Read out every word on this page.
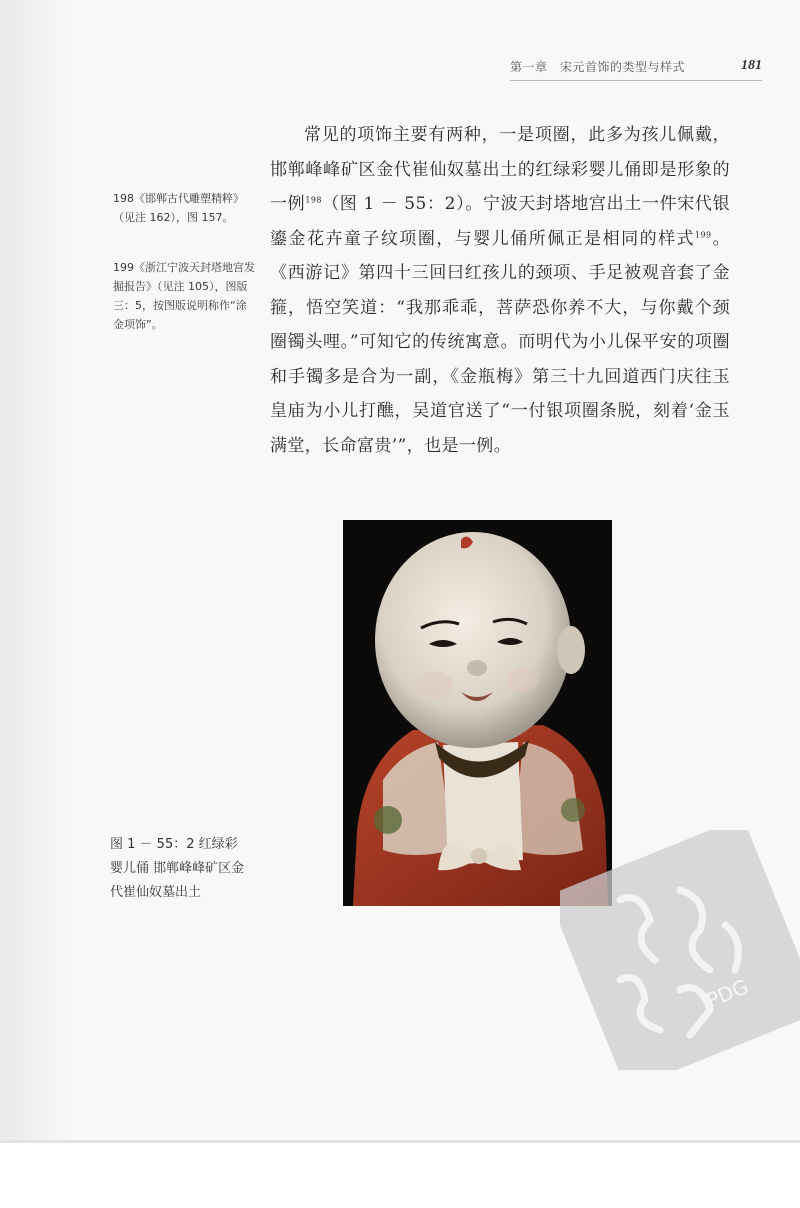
第一章　宋元首饰的类型与样式	181

198《邯郸古代雕塑精粹》（见注 162），图 157。

199《浙江宁波天封塔地宫发掘报告》（见注 105），图版三：5，按图版说明称作“涂金项饰”。

常见的项饰主要有两种，一是项圈，此多为孩儿佩戴，邯郸峰峰矿区金代崔仙奴墓出土的红绿彩婴儿俑即是形象的一例$^{198}$（图 1 － 55：2）。宁波天封塔地宫出土一件宋代银鎏金花卉童子纹项圈，与婴儿俑所佩正是相同的样式$^{199}$。《西游记》第四十三回曰红孩儿的颈项、手足被观音套了金箍，悟空笑道：“我那乖乖，菩萨恐你养不大，与你戴个颈圈镯头哩。”可知它的传统寓意。而明代为小儿保平安的项圈和手镯多是合为一副，《金瓶梅》第三十九回道西门庆往玉皇庙为小儿打醮，吴道官送了“一付银项圈条脱，刻着‘金玉满堂，长命富贵’”，也是一例。

图 1 － 55：2 红绿彩婴儿俑 邯郸峰峰矿区金代崔仙奴墓出土

PDG
